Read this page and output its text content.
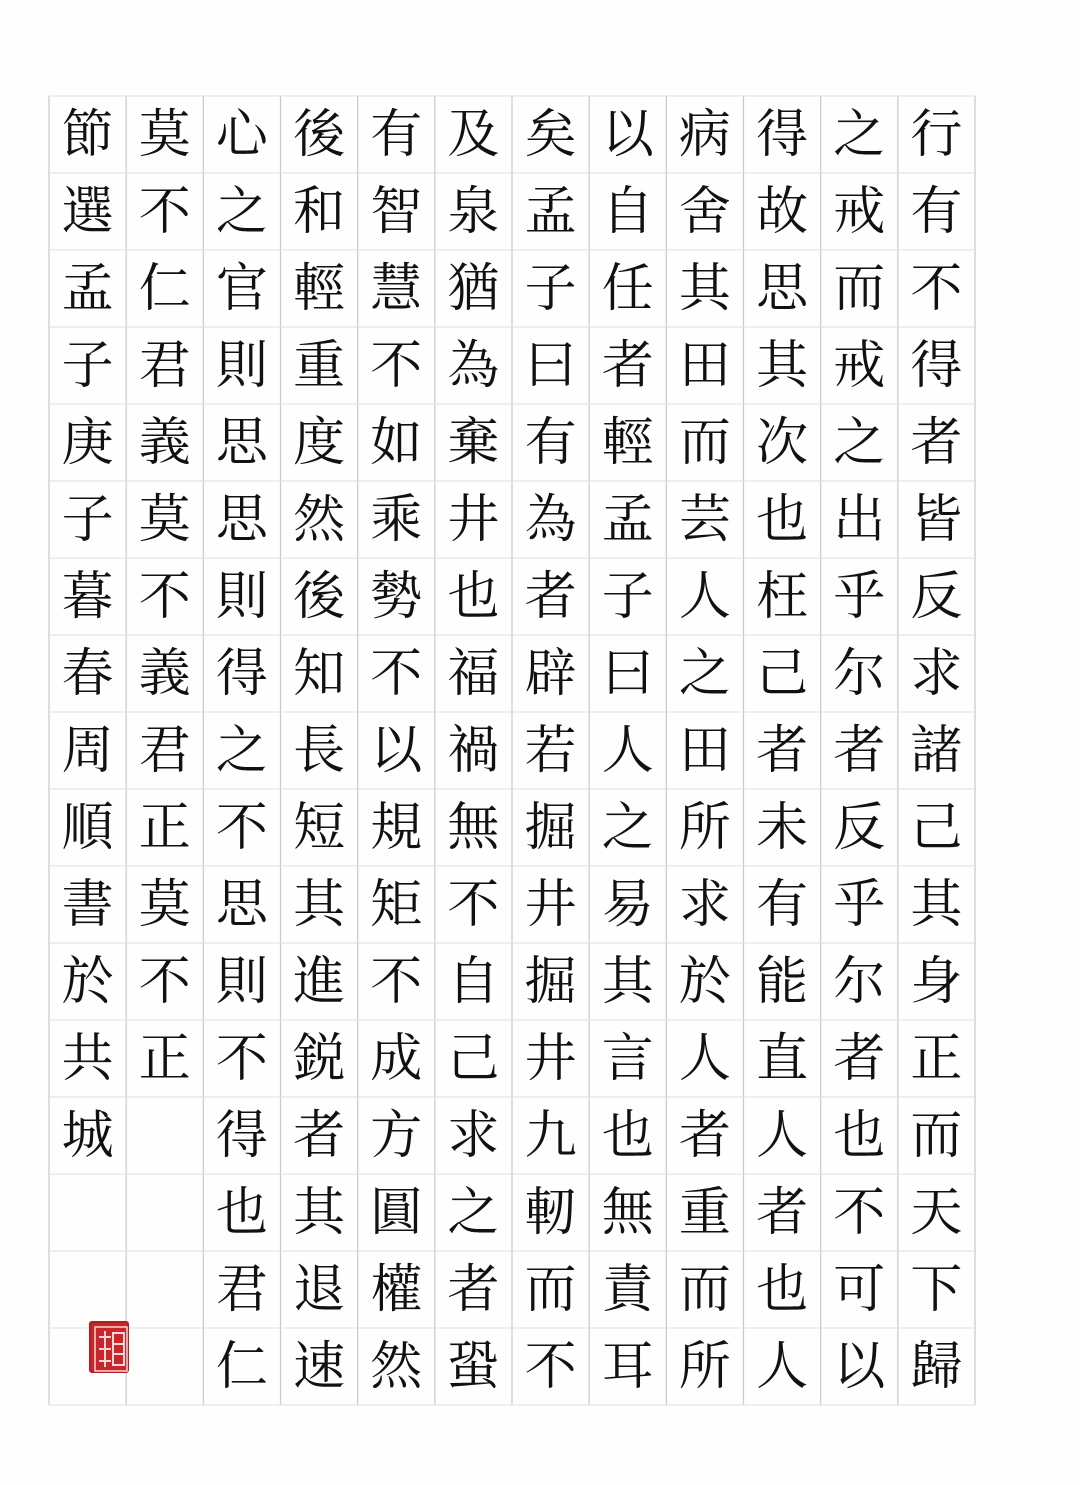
行
有
不
得
者
皆
反
求
諸
己
其
身
正
而
天
下
歸
之
戒
而
戒
之
出
乎
尔
者
反
乎
尔
者
也
不
可
以
得
故
思
其
次
也
枉
己
者
未
有
能
直
人
者
也
人
病
舍
其
田
而
芸
人
之
田
所
求
於
人
者
重
而
所
以
自
任
者
輕
孟
子
曰
人
之
易
其
言
也
無
責
耳
矣
孟
子
曰
有
為
者
辟
若
掘
井
掘
井
九
軔
而
不
及
泉
猶
為
棄
井
也
福
禍
無
不
自
己
求
之
者
蛩
有
智
慧
不
如
乘
勢
不
以
規
矩
不
成
方
圓
權
然
後
和
輕
重
度
然
後
知
長
短
其
進
鋭
者
其
退
速
心
之
官
則
思
思
則
得
之
不
思
則
不
得
也
君
仁
莫
不
仁
君
義
莫
不
義
君
正
莫
不
正
節
選
孟
子
庚
子
暮
春
周
順
書
於
共
城
